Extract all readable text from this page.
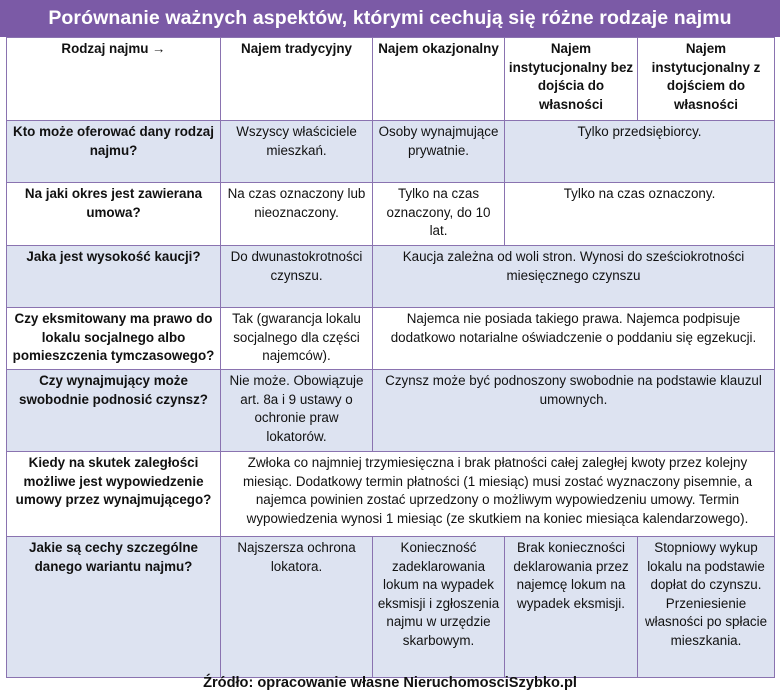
Porównanie ważnych aspektów, którymi cechują się różne rodzaje najmu
Rodzaj najmu →	Najem tradycyjny	Najem okazjonalny	Najem instytucjonalny bez dojścia do własności	Najem instytucjonalny z dojściem do własności
Kto może oferować dany rodzaj najmu?	Wszyscy właściciele mieszkań.	Osoby wynajmujące prywatnie.	Tylko przedsiębiorcy.	
Na jaki okres jest zawierana umowa?	Na czas oznaczony lub nieoznaczony.	Tylko na czas oznaczony, do 10 lat.	Tylko na czas oznaczony.	
Jaka jest wysokość kaucji?	Do dwunastokrotności czynszu.	Kaucja zależna od woli stron. Wynosi do sześciokrotności miesięcznego czynszu		
Czy eksmitowany ma prawo do lokalu socjalnego albo pomieszczenia tymczasowego?	Tak (gwarancja lokalu socjalnego dla części najemców).	Najemca nie posiada takiego prawa. Najemca podpisuje dodatkowo notarialne oświadczenie o poddaniu się egzekucji.		
Czy wynajmujący może swobodnie podnosić czynsz?	Nie może. Obowiązuje art. 8a i 9 ustawy o ochronie praw lokatorów.	Czynsz może być podnoszony swobodnie na podstawie klauzul umownych.		
Kiedy na skutek zaległości możliwe jest wypowiedzenie umowy przez wynajmującego?	Zwłoka co najmniej trzymiesięczna i brak płatności całej zaległej kwoty przez kolejny miesiąc. Dodatkowy termin płatności (1 miesiąc) musi zostać wyznaczony pisemnie, a najemca powinien zostać uprzedzony o możliwym wypowiedzeniu umowy. Termin wypowiedzenia wynosi 1 miesiąc (ze skutkiem na koniec miesiąca kalendarzowego).			
Jakie są cechy szczególne danego wariantu najmu?	Najszersza ochrona lokatora.	Konieczność zadeklarowania lokum na wypadek eksmisji i zgłoszenia najmu w urzędzie skarbowym.	Brak konieczności deklarowania przez najemcę lokum na wypadek eksmisji.	Stopniowy wykup lokalu na podstawie dopłat do czynszu. Przeniesienie własności po spłacie mieszkania.
Źródło: opracowanie własne NieruchomosciSzybko.pl
